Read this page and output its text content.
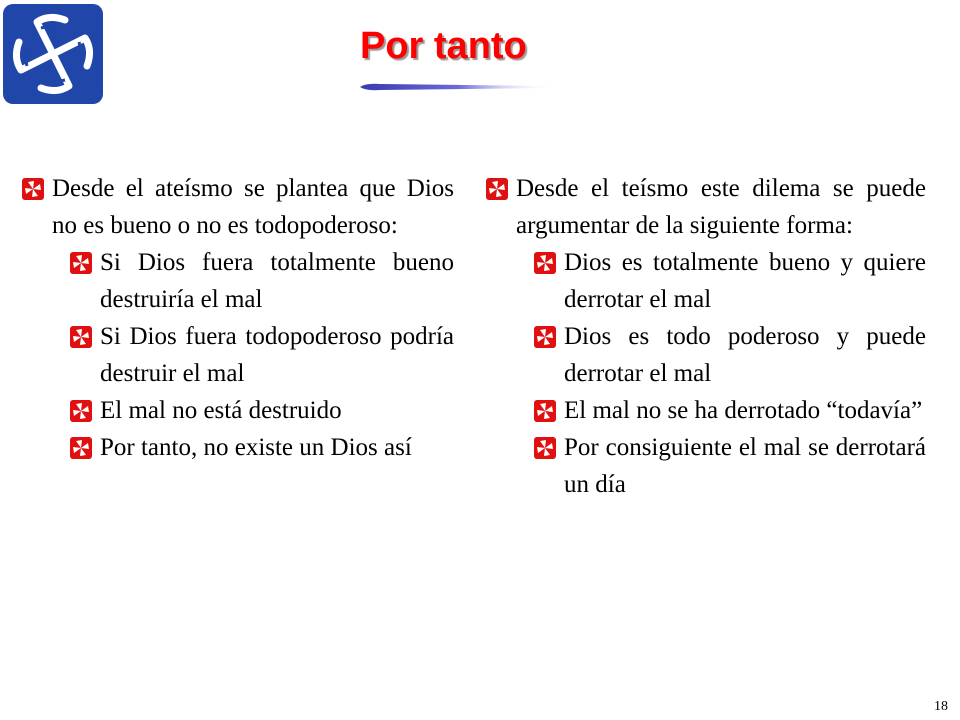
Por tanto
Desde el ateísmo se plantea que Dios no es bueno o no es todopoderoso:
Si Dios fuera totalmente bueno destruiría el mal
Si Dios fuera todopoderoso podría destruir el mal
El mal no está destruido
Por tanto, no existe un Dios así
Desde el teísmo este dilema se puede argumentar de la siguiente forma:
Dios es totalmente bueno y quiere derrotar el mal
Dios es todo poderoso y puede derrotar el mal
El mal no se ha derrotado “todavía”
Por consiguiente el mal se derrotará un día
18
